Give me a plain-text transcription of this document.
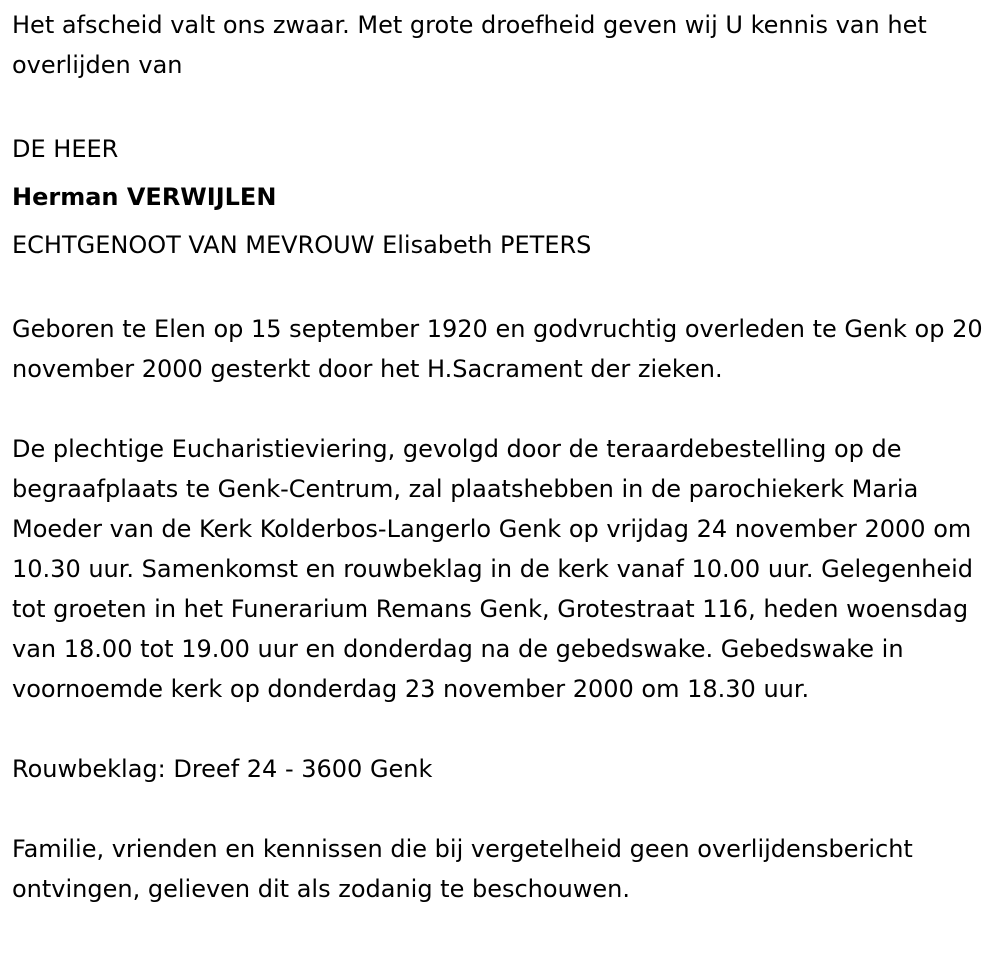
Het afscheid valt ons zwaar. Met grote droefheid geven wij U kennis van het overlijden van

DE HEER

Herman VERWIJLEN

ECHTGENOOT VAN MEVROUW Elisabeth PETERS

Geboren te Elen op 15 september 1920 en godvruchtig overleden te Genk op 20 november 2000 gesterkt door het H.Sacrament der zieken.

De plechtige Eucharistieviering, gevolgd door de teraardebestelling op de begraafplaats te Genk-Centrum, zal plaatshebben in de parochiekerk Maria Moeder van de Kerk Kolderbos-Langerlo Genk op vrijdag 24 november 2000 om 10.30 uur. Samenkomst en rouwbeklag in de kerk vanaf 10.00 uur. Gelegenheid tot groeten in het Funerarium Remans Genk, Grotestraat 116, heden woensdag van 18.00 tot 19.00 uur en donderdag na de gebedswake. Gebedswake in voornoemde kerk op donderdag 23 november 2000 om 18.30 uur.

Rouwbeklag: Dreef 24 - 3600 Genk

Familie, vrienden en kennissen die bij vergetelheid geen overlijdensbericht ontvingen, gelieven dit als zodanig te beschouwen.
